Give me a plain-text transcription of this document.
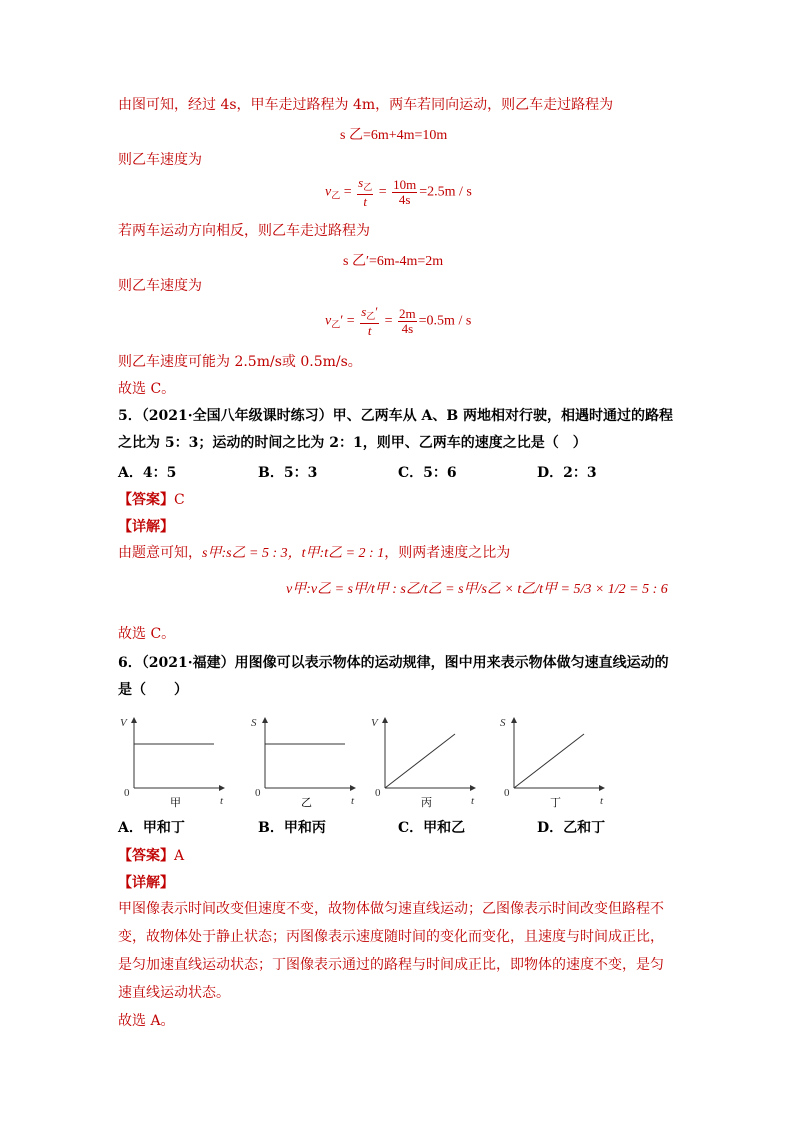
由图可知，经过 4s，甲车走过路程为 4m，两车若同向运动，则乙车走过路程为
s 乙=6m+4m=10m
则乙车速度为
$v_乙 = \frac{s_乙}{t} = \frac{10m}{4s} =2.5m / s$
若两车运动方向相反，则乙车走过路程为
s 乙′=6m-4m=2m
则乙车速度为
$v_乙' = \frac{s_乙'}{t} = \frac{2m}{4s} =0.5m / s$
则乙车速度可能为 2.5m/s或 0.5m/s。
故选 C。
5．（2021·全国八年级课时练习）甲、乙两车从 A、B 两地相对行驶，相遇时通过的路程
之比为 5：3；运动的时间之比为 2：1，则甲、乙两车的速度之比是（　）
A．4：5	B．5：3	C．5：6	D．2：3
【答案】C
【详解】
由题意可知，s甲:s乙 = 5 : 3，t甲:t乙 = 2 : 1，则两者速度之比为
v甲:v乙 = s甲/t甲 : s乙/t乙 = s甲/s乙 × t乙/t甲 = 5/3 × 1/2 = 5 : 6
故选 C。
6．（2021·福建）用图像可以表示物体的运动规律，图中用来表示物体做匀速直线运动的
是（　　）
V
t
0
甲
S
t
0
乙
V
t
0
丙
S
t
0
丁
A．甲和丁	B．甲和丙	C．甲和乙	D．乙和丁
【答案】A
【详解】
甲图像表示时间改变但速度不变，故物体做匀速直线运动；乙图像表示时间改变但路程不
变，故物体处于静止状态；丙图像表示速度随时间的变化而变化，且速度与时间成正比，
是匀加速直线运动状态；丁图像表示通过的路程与时间成正比，即物体的速度不变，是匀
速直线运动状态。
故选 A。
